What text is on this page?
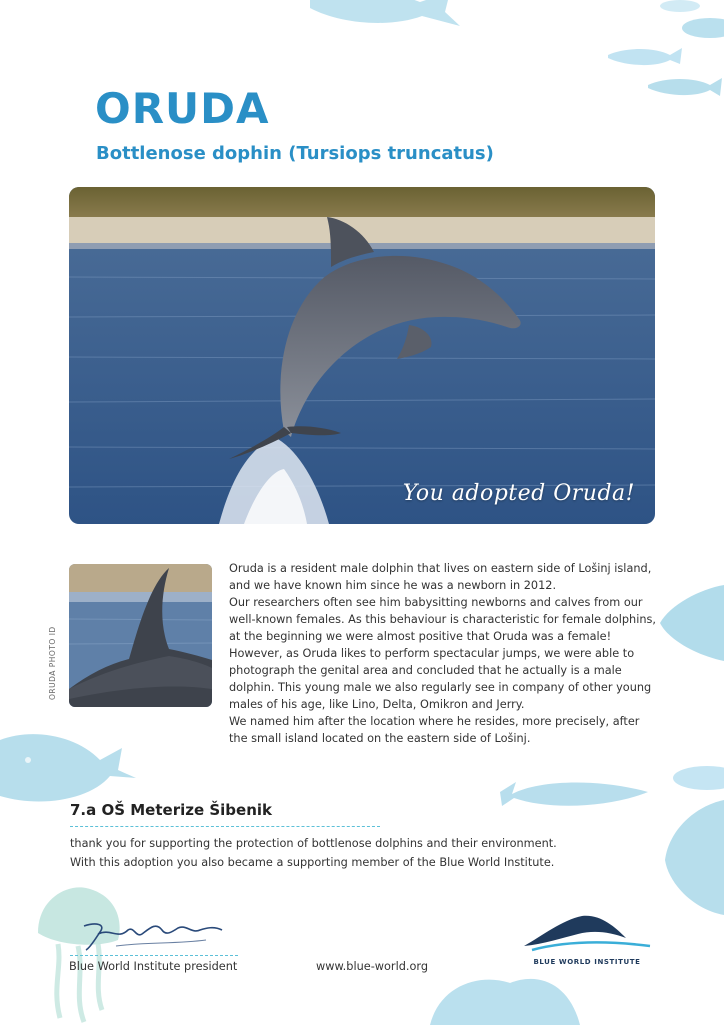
ORUDA
Bottlenose dophin (Tursiops truncatus)
You adopted Oruda!
ORUDA PHOTO ID

Oruda is a resident male dolphin that lives on eastern side of Lošinj island, and we have known him since he was a newborn in 2012.

Our researchers often see him babysitting newborns and calves from our well-known females. As this behaviour is characteristic for female dolphins, at the beginning we were almost positive that Oruda was a female! However, as Oruda likes to perform spectacular jumps, we were able to photograph the genital area and concluded that he actually is a male dolphin. This young male we also regularly see in company of other young males of his age, like Lino, Delta, Omikron and Jerry.

We named him after the location where he resides, more precisely, after the small island located on the eastern side of Lošinj.

7.a OŠ Meterize Šibenik

thank you for supporting the protection of bottlenose dolphins and their environment.

With this adoption you also became a supporting member of the Blue World Institute.

Blue World Institute president	www.blue-world.org	BLUE WORLD INSTITUTE
